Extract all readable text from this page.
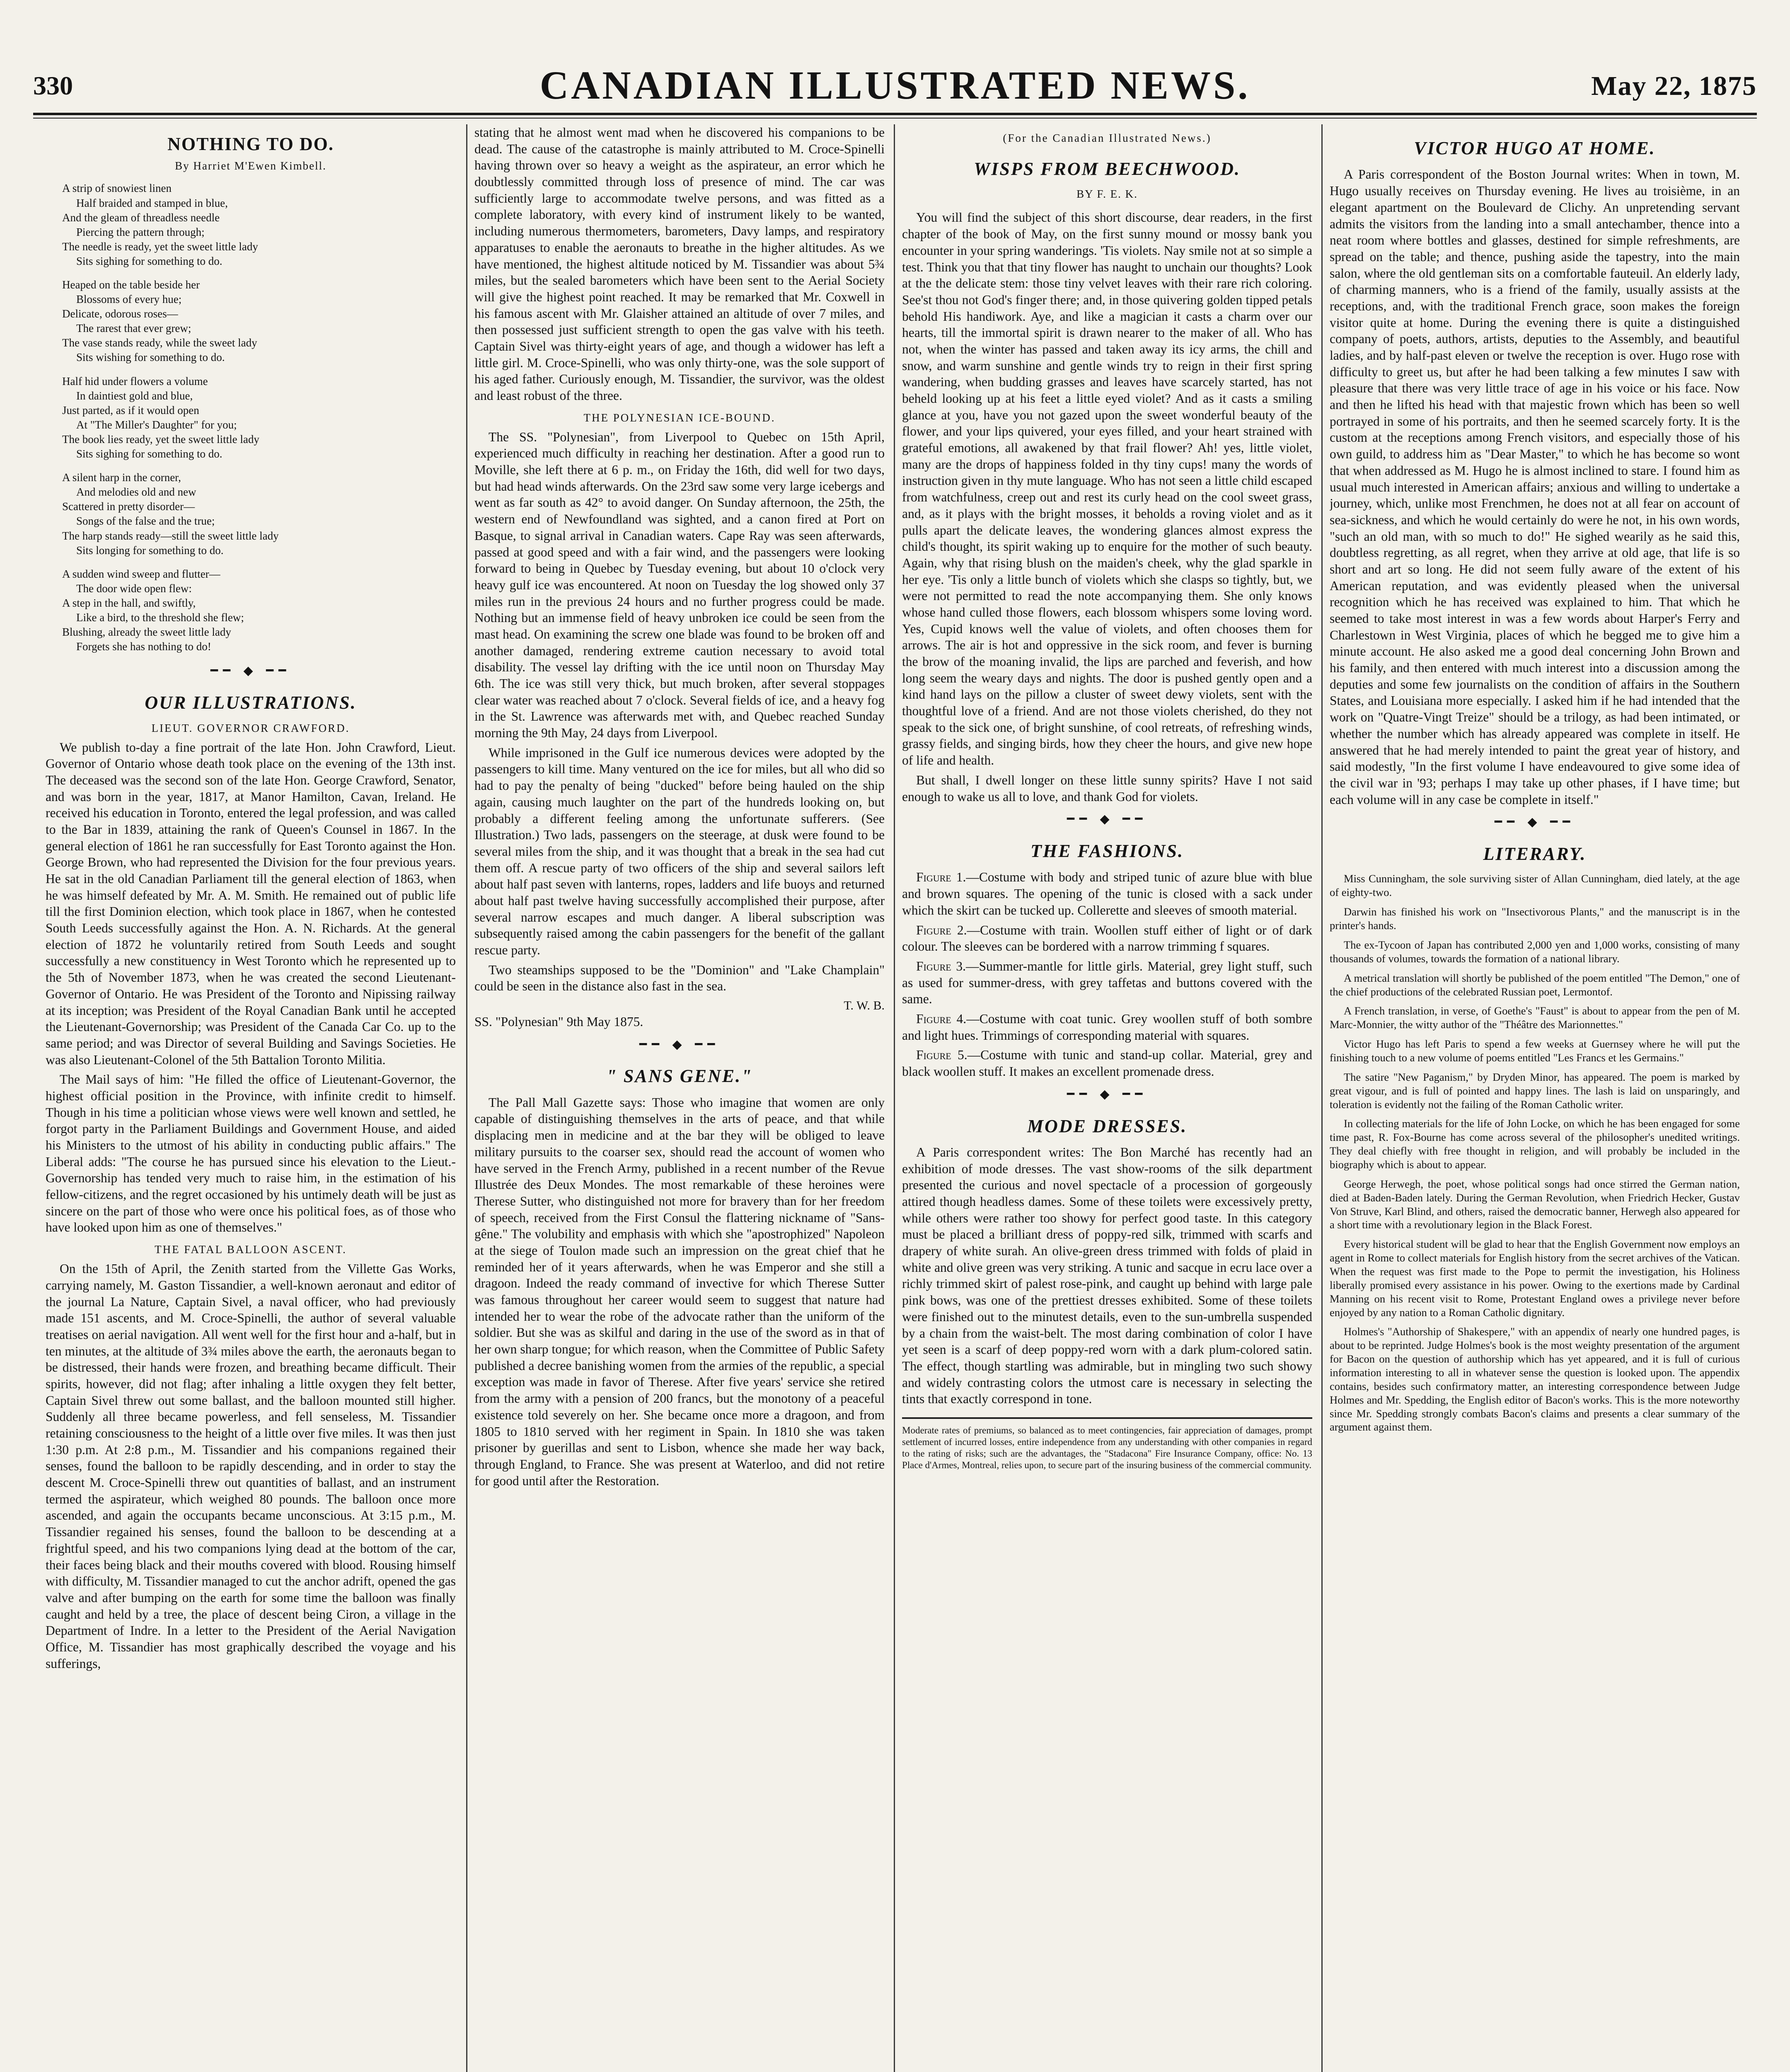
330	CANADIAN ILLUSTRATED NEWS.	May 22, 1875
NOTHING TO DO.
By Harriet M'Ewen Kimbell.
A strip of snowiest linen
Half braided and stamped in blue,
And the gleam of threadless needle
Piercing the pattern through;
The needle is ready, yet the sweet little lady
Sits sighing for something to do.
Heaped on the table beside her
Blossoms of every hue;
Delicate, odorous roses—
The rarest that ever grew;
The vase stands ready, while the sweet lady
Sits wishing for something to do.
Half hid under flowers a volume
In daintiest gold and blue,
Just parted, as if it would open
At "The Miller's Daughter" for you;
The book lies ready, yet the sweet little lady
Sits sighing for something to do.
A silent harp in the corner,
And melodies old and new
Scattered in pretty disorder—
Songs of the false and the true;
The harp stands ready—still the sweet little lady
Sits longing for something to do.
A sudden wind sweep and flutter—
The door wide open flew:
A step in the hall, and swiftly,
Like a bird, to the threshold she flew;
Blushing, already the sweet little lady
Forgets she has nothing to do!
━━ ◆ ━━
OUR ILLUSTRATIONS.
LIEUT. GOVERNOR CRAWFORD.

We publish to-day a fine portrait of the late Hon. John Crawford, Lieut. Governor of Ontario whose death took place on the evening of the 13th inst. The deceased was the second son of the late Hon. George Crawford, Senator, and was born in the year, 1817, at Manor Hamilton, Cavan, Ireland. He received his education in Toronto, entered the legal profession, and was called to the Bar in 1839, attaining the rank of Queen's Counsel in 1867. In the general election of 1861 he ran successfully for East Toronto against the Hon. George Brown, who had represented the Division for the four previous years. He sat in the old Canadian Parliament till the general election of 1863, when he was himself defeated by Mr. A. M. Smith. He remained out of public life till the first Dominion election, which took place in 1867, when he contested South Leeds successfully against the Hon. A. N. Richards. At the general election of 1872 he voluntarily retired from South Leeds and sought successfully a new constituency in West Toronto which he represented up to the 5th of November 1873, when he was created the second Lieutenant-Governor of Ontario. He was President of the Toronto and Nipissing railway at its inception; was President of the Royal Canadian Bank until he accepted the Lieutenant-Governorship; was President of the Canada Car Co. up to the same period; and was Director of several Building and Savings Societies. He was also Lieutenant-Colonel of the 5th Battalion Toronto Militia.

The Mail says of him: "He filled the office of Lieutenant-Governor, the highest official position in the Province, with infinite credit to himself. Though in his time a politician whose views were well known and settled, he forgot party in the Parliament Buildings and Government House, and aided his Ministers to the utmost of his ability in conducting public affairs." The Liberal adds: "The course he has pursued since his elevation to the Lieut.-Governorship has tended very much to raise him, in the estimation of his fellow-citizens, and the regret occasioned by his untimely death will be just as sincere on the part of those who were once his political foes, as of those who have looked upon him as one of themselves."

THE FATAL BALLOON ASCENT.

On the 15th of April, the Zenith started from the Villette Gas Works, carrying namely, M. Gaston Tissandier, a well-known aeronaut and editor of the journal La Nature, Captain Sivel, a naval officer, who had previously made 151 ascents, and M. Croce-Spinelli, the author of several valuable treatises on aerial navigation. All went well for the first hour and a-half, but in ten minutes, at the altitude of 3¾ miles above the earth, the aeronauts began to be distressed, their hands were frozen, and breathing became difficult. Their spirits, however, did not flag; after inhaling a little oxygen they felt better, Captain Sivel threw out some ballast, and the balloon mounted still higher. Suddenly all three became powerless, and fell senseless, M. Tissandier retaining consciousness to the height of a little over five miles. It was then just 1:30 p.m. At 2:8 p.m., M. Tissandier and his companions regained their senses, found the balloon to be rapidly descending, and in order to stay the descent M. Croce-Spinelli threw out quantities of ballast, and an instrument termed the aspirateur, which weighed 80 pounds. The balloon once more ascended, and again the occupants became unconscious. At 3:15 p.m., M. Tissandier regained his senses, found the balloon to be descending at a frightful speed, and his two companions lying dead at the bottom of the car, their faces being black and their mouths covered with blood. Rousing himself with difficulty, M. Tissandier managed to cut the anchor adrift, opened the gas valve and after bumping on the earth for some time the balloon was finally caught and held by a tree, the place of descent being Ciron, a village in the Department of Indre. In a letter to the President of the Aerial Navigation Office, M. Tissandier has most graphically described the voyage and his sufferings,

stating that he almost went mad when he discovered his companions to be dead. The cause of the catastrophe is mainly attributed to M. Croce-Spinelli having thrown over so heavy a weight as the aspirateur, an error which he doubtlessly committed through loss of presence of mind. The car was sufficiently large to accommodate twelve persons, and was fitted as a complete laboratory, with every kind of instrument likely to be wanted, including numerous thermometers, barometers, Davy lamps, and respiratory apparatuses to enable the aeronauts to breathe in the higher altitudes. As we have mentioned, the highest altitude noticed by M. Tissandier was about 5¾ miles, but the sealed barometers which have been sent to the Aerial Society will give the highest point reached. It may be remarked that Mr. Coxwell in his famous ascent with Mr. Glaisher attained an altitude of over 7 miles, and then possessed just sufficient strength to open the gas valve with his teeth. Captain Sivel was thirty-eight years of age, and though a widower has left a little girl. M. Croce-Spinelli, who was only thirty-one, was the sole support of his aged father. Curiously enough, M. Tissandier, the survivor, was the oldest and least robust of the three.

THE POLYNESIAN ICE-BOUND.

The SS. "Polynesian", from Liverpool to Quebec on 15th April, experienced much difficulty in reaching her destination. After a good run to Moville, she left there at 6 p. m., on Friday the 16th, did well for two days, but had head winds afterwards. On the 23rd saw some very large icebergs and went as far south as 42° to avoid danger. On Sunday afternoon, the 25th, the western end of Newfoundland was sighted, and a canon fired at Port on Basque, to signal arrival in Canadian waters. Cape Ray was seen afterwards, passed at good speed and with a fair wind, and the passengers were looking forward to being in Quebec by Tuesday evening, but about 10 o'clock very heavy gulf ice was encountered. At noon on Tuesday the log showed only 37 miles run in the previous 24 hours and no further progress could be made. Nothing but an immense field of heavy unbroken ice could be seen from the mast head. On examining the screw one blade was found to be broken off and another damaged, rendering extreme caution necessary to avoid total disability. The vessel lay drifting with the ice until noon on Thursday May 6th. The ice was still very thick, but much broken, after several stoppages clear water was reached about 7 o'clock. Several fields of ice, and a heavy fog in the St. Lawrence was afterwards met with, and Quebec reached Sunday morning the 9th May, 24 days from Liverpool.

While imprisoned in the Gulf ice numerous devices were adopted by the passengers to kill time. Many ventured on the ice for miles, but all who did so had to pay the penalty of being "ducked" before being hauled on the ship again, causing much laughter on the part of the hundreds looking on, but probably a different feeling among the unfortunate sufferers. (See Illustration.) Two lads, passengers on the steerage, at dusk were found to be several miles from the ship, and it was thought that a break in the sea had cut them off. A rescue party of two officers of the ship and several sailors left about half past seven with lanterns, ropes, ladders and life buoys and returned about half past twelve having successfully accomplished their purpose, after several narrow escapes and much danger. A liberal subscription was subsequently raised among the cabin passengers for the benefit of the gallant rescue party.

Two steamships supposed to be the "Dominion" and "Lake Champlain" could be seen in the distance also fast in the sea.

T. W. B.

SS. "Polynesian" 9th May 1875.

━━ ◆ ━━
" SANS GENE."

The Pall Mall Gazette says: Those who imagine that women are only capable of distinguishing themselves in the arts of peace, and that while displacing men in medicine and at the bar they will be obliged to leave military pursuits to the coarser sex, should read the account of women who have served in the French Army, published in a recent number of the Revue Illustrée des Deux Mondes. The most remarkable of these heroines were Therese Sutter, who distinguished not more for bravery than for her freedom of speech, received from the First Consul the flattering nickname of "Sans-gêne." The volubility and emphasis with which she "apostrophized" Napoleon at the siege of Toulon made such an impression on the great chief that he reminded her of it years afterwards, when he was Emperor and she still a dragoon. Indeed the ready command of invective for which Therese Sutter was famous throughout her career would seem to suggest that nature had intended her to wear the robe of the advocate rather than the uniform of the soldier. But she was as skilful and daring in the use of the sword as in that of her own sharp tongue; for which reason, when the Committee of Public Safety published a decree banishing women from the armies of the republic, a special exception was made in favor of Therese. After five years' service she retired from the army with a pension of 200 francs, but the monotony of a peaceful existence told severely on her. She became once more a dragoon, and from 1805 to 1810 served with her regiment in Spain. In 1810 she was taken prisoner by guerillas and sent to Lisbon, whence she made her way back, through England, to France. She was present at Waterloo, and did not retire for good until after the Restoration.

(For the Canadian Illustrated News.)
WISPS FROM BEECHWOOD.
BY F. E. K.

You will find the subject of this short discourse, dear readers, in the first chapter of the book of May, on the first sunny mound or mossy bank you encounter in your spring wanderings. 'Tis violets. Nay smile not at so simple a test. Think you that that tiny flower has naught to unchain our thoughts? Look at the the delicate stem: those tiny velvet leaves with their rare rich coloring. See'st thou not God's finger there; and, in those quivering golden tipped petals behold His handiwork. Aye, and like a magician it casts a charm over our hearts, till the immortal spirit is drawn nearer to the maker of all. Who has not, when the winter has passed and taken away its icy arms, the chill and snow, and warm sunshine and gentle winds try to reign in their first spring wandering, when budding grasses and leaves have scarcely started, has not beheld looking up at his feet a little eyed violet? And as it casts a smiling glance at you, have you not gazed upon the sweet wonderful beauty of the flower, and your lips quivered, your eyes filled, and your heart strained with grateful emotions, all awakened by that frail flower? Ah! yes, little violet, many are the drops of happiness folded in thy tiny cups! many the words of instruction given in thy mute language. Who has not seen a little child escaped from watchfulness, creep out and rest its curly head on the cool sweet grass, and, as it plays with the bright mosses, it beholds a roving violet and as it pulls apart the delicate leaves, the wondering glances almost express the child's thought, its spirit waking up to enquire for the mother of such beauty. Again, why that rising blush on the maiden's cheek, why the glad sparkle in her eye. 'Tis only a little bunch of violets which she clasps so tightly, but, we were not permitted to read the note accompanying them. She only knows whose hand culled those flowers, each blossom whispers some loving word. Yes, Cupid knows well the value of violets, and often chooses them for arrows. The air is hot and oppressive in the sick room, and fever is burning the brow of the moaning invalid, the lips are parched and feverish, and how long seem the weary days and nights. The door is pushed gently open and a kind hand lays on the pillow a cluster of sweet dewy violets, sent with the thoughtful love of a friend. And are not those violets cherished, do they not speak to the sick one, of bright sunshine, of cool retreats, of refreshing winds, grassy fields, and singing birds, how they cheer the hours, and give new hope of life and health.

But shall, I dwell longer on these little sunny spirits? Have I not said enough to wake us all to love, and thank God for violets.

━━ ◆ ━━
THE FASHIONS.

Figure 1.—Costume with body and striped tunic of azure blue with blue and brown squares. The opening of the tunic is closed with a sack under which the skirt can be tucked up. Collerette and sleeves of smooth material.

Figure 2.—Costume with train. Woollen stuff either of light or of dark colour. The sleeves can be bordered with a narrow trimming f squares.

Figure 3.—Summer-mantle for little girls. Material, grey light stuff, such as used for summer-dress, with grey taffetas and buttons covered with the same.

Figure 4.—Costume with coat tunic. Grey woollen stuff of both sombre and light hues. Trimmings of corresponding material with squares.

Figure 5.—Costume with tunic and stand-up collar. Material, grey and black woollen stuff. It makes an excellent promenade dress.

━━ ◆ ━━
MODE DRESSES.

A Paris correspondent writes: The Bon Marché has recently had an exhibition of mode dresses. The vast show-rooms of the silk department presented the curious and novel spectacle of a procession of gorgeously attired though headless dames. Some of these toilets were excessively pretty, while others were rather too showy for perfect good taste. In this category must be placed a brilliant dress of poppy-red silk, trimmed with scarfs and drapery of white surah. An olive-green dress trimmed with folds of plaid in white and olive green was very striking. A tunic and sacque in ecru lace over a richly trimmed skirt of palest rose-pink, and caught up behind with large pale pink bows, was one of the prettiest dresses exhibited. Some of these toilets were finished out to the minutest details, even to the sun-umbrella suspended by a chain from the waist-belt. The most daring combination of color I have yet seen is a scarf of deep poppy-red worn with a dark plum-colored satin. The effect, though startling was admirable, but in mingling two such showy and widely contrasting colors the utmost care is necessary in selecting the tints that exactly correspond in tone.

Moderate rates of premiums, so balanced as to meet contingencies, fair appreciation of damages, prompt settlement of incurred losses, entire independence from any understanding with other companies in regard to the rating of risks; such are the advantages, the "Stadacona" Fire Insurance Company, office: No. 13 Place d'Armes, Montreal, relies upon, to secure part of the insuring business of the commercial community.
VICTOR HUGO AT HOME.

A Paris correspondent of the Boston Journal writes: When in town, M. Hugo usually receives on Thursday evening. He lives au troisième, in an elegant apartment on the Boulevard de Clichy. An unpretending servant admits the visitors from the landing into a small antechamber, thence into a neat room where bottles and glasses, destined for simple refreshments, are spread on the table; and thence, pushing aside the tapestry, into the main salon, where the old gentleman sits on a comfortable fauteuil. An elderly lady, of charming manners, who is a friend of the family, usually assists at the receptions, and, with the traditional French grace, soon makes the foreign visitor quite at home. During the evening there is quite a distinguished company of poets, authors, artists, deputies to the Assembly, and beautiful ladies, and by half-past eleven or twelve the reception is over. Hugo rose with difficulty to greet us, but after he had been talking a few minutes I saw with pleasure that there was very little trace of age in his voice or his face. Now and then he lifted his head with that majestic frown which has been so well portrayed in some of his portraits, and then he seemed scarcely forty. It is the custom at the receptions among French visitors, and especially those of his own guild, to address him as "Dear Master," to which he has become so wont that when addressed as M. Hugo he is almost inclined to stare. I found him as usual much interested in American affairs; anxious and willing to undertake a journey, which, unlike most Frenchmen, he does not at all fear on account of sea-sickness, and which he would certainly do were he not, in his own words, "such an old man, with so much to do!" He sighed wearily as he said this, doubtless regretting, as all regret, when they arrive at old age, that life is so short and art so long. He did not seem fully aware of the extent of his American reputation, and was evidently pleased when the universal recognition which he has received was explained to him. That which he seemed to take most interest in was a few words about Harper's Ferry and Charlestown in West Virginia, places of which he begged me to give him a minute account. He also asked me a good deal concerning John Brown and his family, and then entered with much interest into a discussion among the deputies and some few journalists on the condition of affairs in the Southern States, and Louisiana more especially. I asked him if he had intended that the work on "Quatre-Vingt Treize" should be a trilogy, as had been intimated, or whether the number which has already appeared was complete in itself. He answered that he had merely intended to paint the great year of history, and said modestly, "In the first volume I have endeavoured to give some idea of the civil war in '93; perhaps I may take up other phases, if I have time; but each volume will in any case be complete in itself."

━━ ◆ ━━
LITERARY.

Miss Cunningham, the sole surviving sister of Allan Cunningham, died lately, at the age of eighty-two.

Darwin has finished his work on "Insectivorous Plants," and the manuscript is in the printer's hands.

The ex-Tycoon of Japan has contributed 2,000 yen and 1,000 works, consisting of many thousands of volumes, towards the formation of a national library.

A metrical translation will shortly be published of the poem entitled "The Demon," one of the chief productions of the celebrated Russian poet, Lermontof.

A French translation, in verse, of Goethe's "Faust" is about to appear from the pen of M. Marc-Monnier, the witty author of the "Théâtre des Marionnettes."

Victor Hugo has left Paris to spend a few weeks at Guernsey where he will put the finishing touch to a new volume of poems entitled "Les Francs et les Germains."

The satire "New Paganism," by Dryden Minor, has appeared. The poem is marked by great vigour, and is full of pointed and happy lines. The lash is laid on unsparingly, and toleration is evidently not the failing of the Roman Catholic writer.

In collecting materials for the life of John Locke, on which he has been engaged for some time past, R. Fox-Bourne has come across several of the philosopher's unedited writings. They deal chiefly with free thought in religion, and will probably be included in the biography which is about to appear.

George Herwegh, the poet, whose political songs had once stirred the German nation, died at Baden-Baden lately. During the German Revolution, when Friedrich Hecker, Gustav Von Struve, Karl Blind, and others, raised the democratic banner, Herwegh also appeared for a short time with a revolutionary legion in the Black Forest.

Every historical student will be glad to hear that the English Government now employs an agent in Rome to collect materials for English history from the secret archives of the Vatican. When the request was first made to the Pope to permit the investigation, his Holiness liberally promised every assistance in his power. Owing to the exertions made by Cardinal Manning on his recent visit to Rome, Protestant England owes a privilege never before enjoyed by any nation to a Roman Catholic dignitary.

Holmes's "Authorship of Shakespere," with an appendix of nearly one hundred pages, is about to be reprinted. Judge Holmes's book is the most weighty presentation of the argument for Bacon on the question of authorship which has yet appeared, and it is full of curious information interesting to all in whatever sense the question is looked upon. The appendix contains, besides such confirmatory matter, an interesting correspondence between Judge Holmes and Mr. Spedding, the English editor of Bacon's works. This is the more noteworthy since Mr. Spedding strongly combats Bacon's claims and presents a clear summary of the argument against them.
